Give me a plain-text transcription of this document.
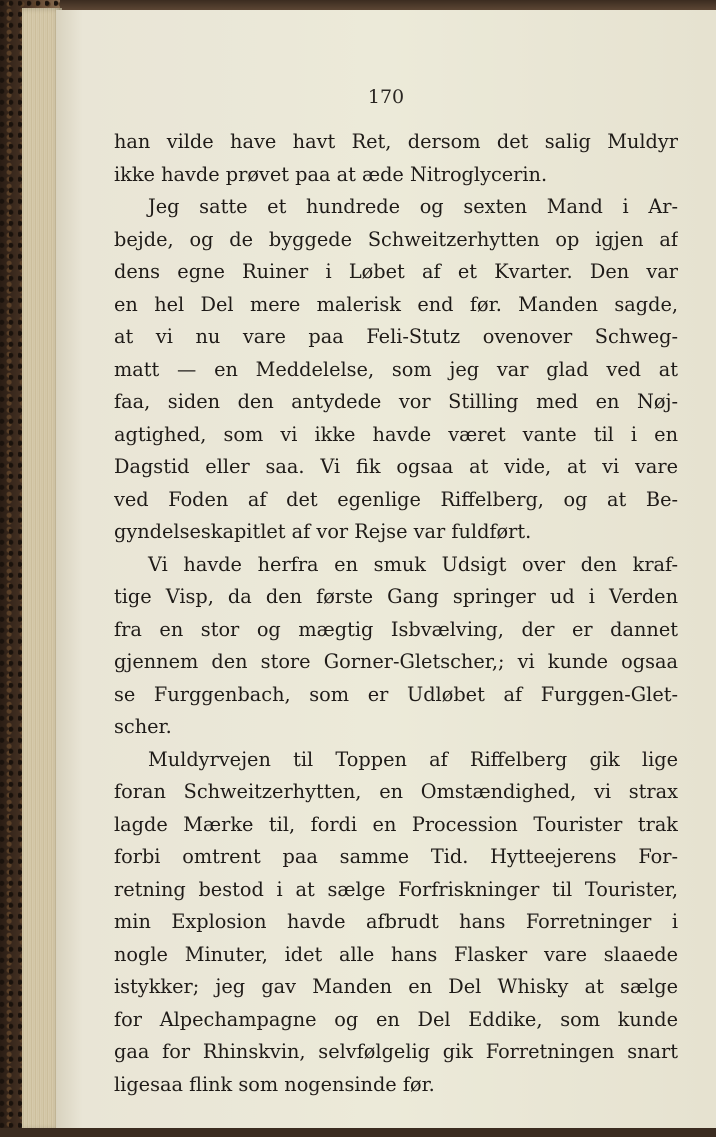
170
han vilde have havt Ret, dersom det salig Muldyr
ikke havde prøvet paa at æde Nitroglycerin.
Jeg satte et hundrede og sexten Mand i Ar-
bejde, og de byggede Schweitzerhytten op igjen af
dens egne Ruiner i Løbet af et Kvarter. Den var
en hel Del mere malerisk end før. Manden sagde,
at vi nu vare paa Feli-Stutz ovenover Schweg-
matt — en Meddelelse, som jeg var glad ved at
faa, siden den antydede vor Stilling med en Nøj-
agtighed, som vi ikke havde været vante til i en
Dagstid eller saa. Vi fik ogsaa at vide, at vi vare
ved Foden af det egenlige Riffelberg, og at Be-
gyndelseskapitlet af vor Rejse var fuldført.
Vi havde herfra en smuk Udsigt over den kraf-
tige Visp, da den første Gang springer ud i Verden
fra en stor og mægtig Isbvælving, der er dannet
gjennem den store Gorner-Gletscher,; vi kunde ogsaa
se Furggenbach, som er Udløbet af Furggen-Glet-
scher.
Muldyrvejen til Toppen af Riffelberg gik lige
foran Schweitzerhytten, en Omstændighed, vi strax
lagde Mærke til, fordi en Procession Tourister trak
forbi omtrent paa samme Tid. Hytteejerens For-
retning bestod i at sælge Forfriskninger til Tourister,
min Explosion havde afbrudt hans Forretninger i
nogle Minuter, idet alle hans Flasker vare slaaede
istykker; jeg gav Manden en Del Whisky at sælge
for Alpechampagne og en Del Eddike, som kunde
gaa for Rhinskvin, selvfølgelig gik Forretningen snart
ligesaa flink som nogensinde før.
